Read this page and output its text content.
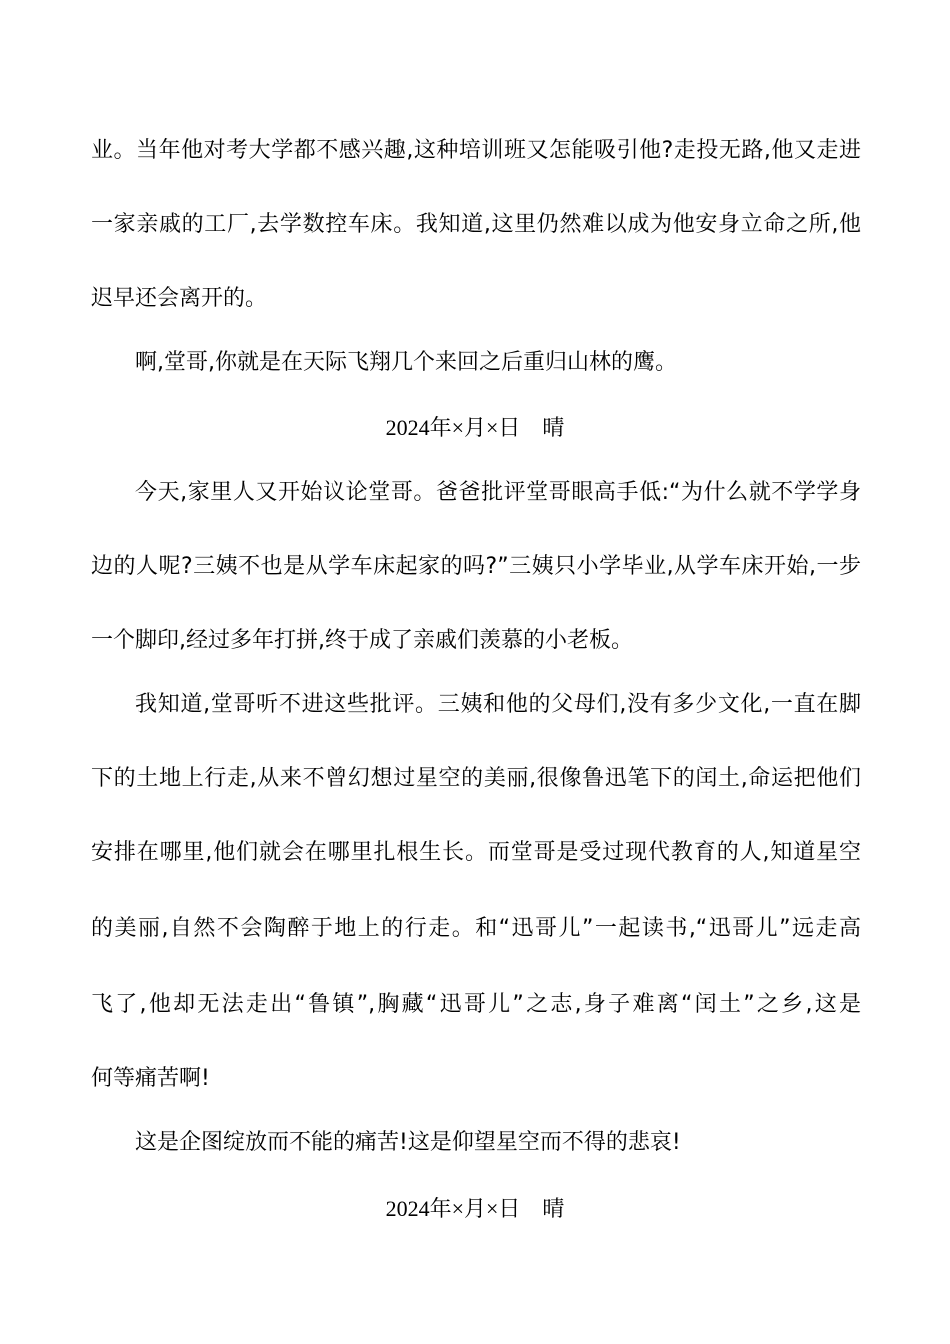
业。当年他对考大学都不感兴趣,这种培训班又怎能吸引他?走投无路,他又走进
一家亲戚的工厂,去学数控车床。我知道,这里仍然难以成为他安身立命之所,他
迟早还会离开的。
啊,堂哥,你就是在天际飞翔几个来回之后重归山林的鹰。
2024年×月×日    晴
今天,家里人又开始议论堂哥。爸爸批评堂哥眼高手低:“为什么就不学学身
边的人呢?三姨不也是从学车床起家的吗?”三姨只小学毕业,从学车床开始,一步
一个脚印,经过多年打拼,终于成了亲戚们羡慕的小老板。
我知道,堂哥听不进这些批评。三姨和他的父母们,没有多少文化,一直在脚
下的土地上行走,从来不曾幻想过星空的美丽,很像鲁迅笔下的闰土,命运把他们
安排在哪里,他们就会在哪里扎根生长。而堂哥是受过现代教育的人,知道星空
的美丽,自然不会陶醉于地上的行走。和“迅哥儿”一起读书,“迅哥儿”远走高
飞了,他却无法走出“鲁镇”,胸藏“迅哥儿”之志,身子难离“闰土”之乡,这是
何等痛苦啊!
这是企图绽放而不能的痛苦!这是仰望星空而不得的悲哀!
2024年×月×日    晴
